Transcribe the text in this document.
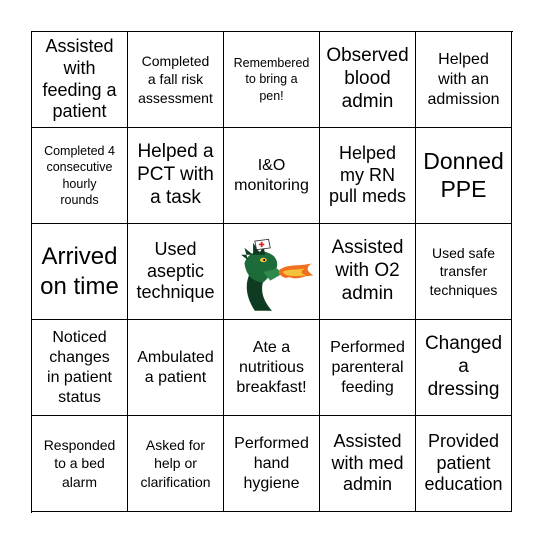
Assisted
with
feeding a
patient
Completed
a fall risk
assessment
Remembered
to bring a
pen!
Observed
blood
admin
Helped
with an
admission
Completed 4
consecutive
hourly
rounds
Helped a
PCT with
a task
I&O
monitoring
Helped
my RN
pull meds
Donned
PPE
Arrived
on time
Used
aseptic
technique
Assisted
with O2
admin
Used safe
transfer
techniques
Noticed
changes
in patient
status
Ambulated
a patient
Ate a
nutritious
breakfast!
Performed
parenteral
feeding
Changed
a
dressing
Responded
to a bed
alarm
Asked for
help or
clarification
Performed
hand
hygiene
Assisted
with med
admin
Provided
patient
education
